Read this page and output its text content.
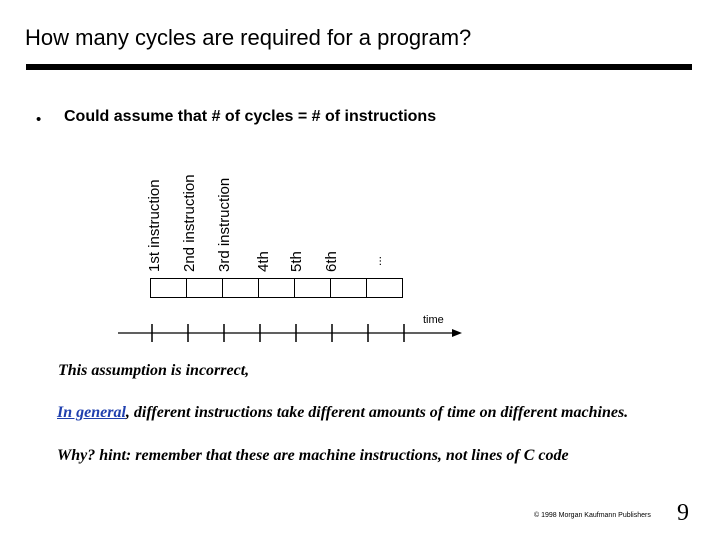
How many cycles are required for a program?
• Could assume that # of cycles = # of instructions
1st instruction 2nd instruction 3rd instruction 4th 5th 6th	...
time
This assumption is incorrect,
In general, different instructions take different amounts of time on different machines.
Why? hint: remember that these are machine instructions, not lines of C code
© 1998 Morgan Kaufmann Publishers 9
